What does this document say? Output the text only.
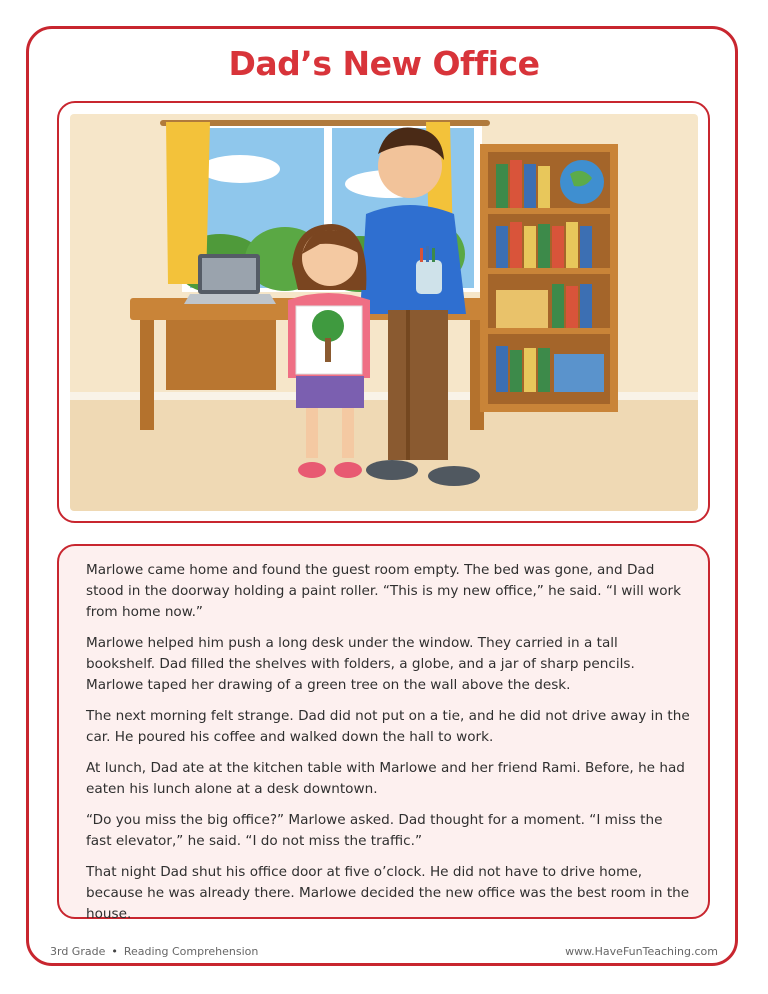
Dad’s New Office

Marlowe came home and found the guest room empty. The bed was gone, and Dad stood in the doorway holding a paint roller. “This is my new office,” he said. “I will work from home now.”

Marlowe helped him push a long desk under the window. They carried in a tall bookshelf. Dad filled the shelves with folders, a globe, and a jar of sharp pencils. Marlowe taped her drawing of a green tree on the wall above the desk.

The next morning felt strange. Dad did not put on a tie, and he did not drive away in the car. He poured his coffee and walked down the hall to work.

At lunch, Dad ate at the kitchen table with Marlowe and her friend Rami. Before, he had eaten his lunch alone at a desk downtown.

“Do you miss the big office?” Marlowe asked. Dad thought for a moment. “I miss the fast elevator,” he said. “I do not miss the traffic.”

That night Dad shut his office door at five o’clock. He did not have to drive home, because he was already there. Marlowe decided the new office was the best room in the house.

3rd Grade • Reading Comprehension	www.HaveFunTeaching.com
